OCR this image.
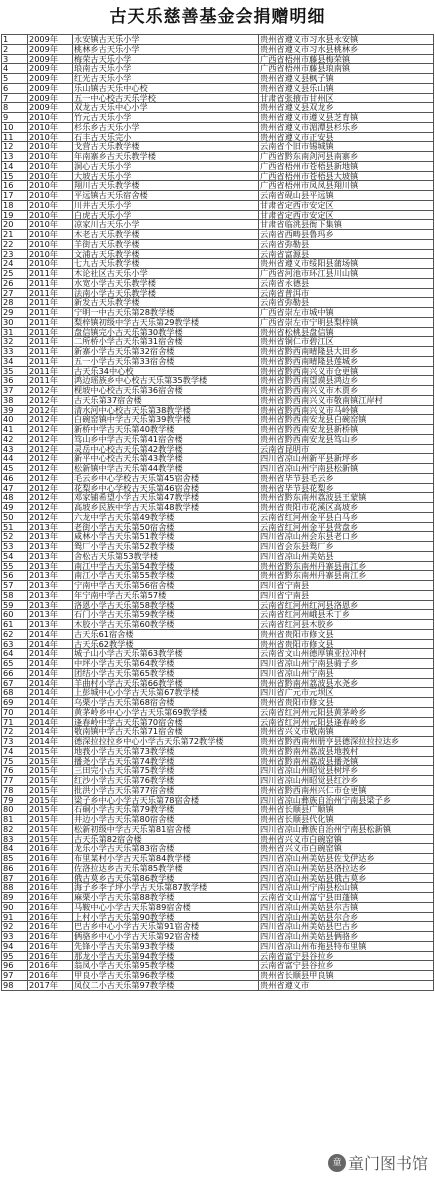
古天乐慈善基金会捐赠明细
1	2009年	永安镇古天乐小学	贵州省遵义市习水县永安镇
2	2009年	桃林乡古天乐小学	贵州省遵义市习水县桃林乡
3	2009年	梅荣古天乐小学	广西省梧州市藤县梅荣镇
4	2009年	琅南古天乐小学	广西省梧州市藤县琅南镇
5	2009年	红光古天乐小学	贵州省遵义县枫子镇
6	2009年	乐山镇古天乐中心校	贵州省遵义县乐山镇
7	2009年	五一中心校古天乐学校	甘肃省张掖市甘州区
8	2009年	双龙古天乐中心小学	贵州省遵义县双龙乡
9	2010年	竹元古天乐小学	贵州省遵义市遵义县芝育镇
10	2010年	杉乐乡古天乐小学	贵州省遵义市湄潭县杉乐乡
11	2010年	石丰古天乐完小	贵州省遵义市正安县
12	2010年	戈营古天乐教学楼	云南省个旧市锡城镇
13	2010年	年南寨乡古天乐教学楼	广西省黔东南剑河县南寨乡
14	2010年	洞心古天乐小学	广西省梧州市苍梧县新地镇
15	2010年	大坡古天乐小学	广西省梧州市苍梧县大坡镇
16	2010年	翔川古天乐教学楼	广西省梧州市凤凤县翔川镇
17	2010年	平远镇古天乐宿舍楼	云南省砚山县平远镇
18	2010年	川井古天乐小学	甘肃省定西市安定区
19	2010年	白虎古天乐小学	甘肃省定西市安定区
20	2010年	凉家川古天乐小学	甘肃省临洮县衙下集镇
21	2010年	木老古天乐教学楼	云南省西畴县鲁玛乡
22	2010年	羊街古天乐教学楼	云南省弥勒县
23	2010年	文浦古天乐教学楼	云南省富源县
24	2010年	七九古天乐教学楼	贵州省遵义市绥阳县蒲场镇
25	2011年	木论社区古天乐小学	广西省河池市环江县川山镇
26	2011年	水宽小学古天乐教学楼	云南省永德县
27	2011年	法南小学古天乐教学楼	云南省普洱市
28	2011年	新发古天乐教学楼	云南省弥勒县
29	2011年	宁明一中古天乐第28教学楼	广西省崇左市城中镇
30	2011年	梨梓镇初级中学古天乐第29教学楼	广西省崇左市宁明县梨梓镇
31	2011年	盘信镇完小古天乐第30教学楼	贵州省松桃县盘信镇
32	2011年	二所桥小学古天乐第31宿舍楼	贵州省铜仁市碧江区
33	2011年	新寨小学古天乐第32宿舍楼	贵州省黔西南晴隆县大田乡
34	2011年	五一小学古天乐第33宿舍楼	贵州省黔西南晴隆县莲城乡
35	2011年	古天乐34中心校	贵州省黔西南兴义市仓更镇
36	2011年	鸿边瑶族乡中心校古天乐第35教学楼	贵州省黔西南望谟县鸿边乡
37	2012年	枧坡中心校古天乐第36宿舍楼	贵州省黔西南兴义市木贾乡
38	2012年	古天乐第37宿舍楼	贵州省黔西南兴义市敬南镇江岸村
39	2012年	清水河中心校古天乐第38教学楼	贵州省黔西南兴义市马岭镇
40	2012年	白碗窑镇中学古天乐第39教学楼	贵州省黔西南安龙县白碗窑镇
41	2012年	新桥中学古天乐第40教学楼	贵州省黔西南安龙县新桥镇
42	2012年	笃山乡中学古天乐第41宿舍楼	贵州省黔西南安龙县笃山乡
43	2012年	灵岳中心校古天乐第42教学楼	云南省昆明市
44	2012年	新平中心校古天乐第43教学楼	四川省凉山州新平县新坪乡
45	2012年	松新镇中学古天乐第44教学楼	四川省凉山州宁南县松新镇
46	2012年	毛云乡中心学校古天乐第45宿舍楼	贵州省毕节县毛云乡
47	2012年	花梨乡中心学校古天乐第46宿舍楼	贵州省毕节县花梨乡
48	2012年	邓家铺希望小学古天乐第47教学楼	贵州省黔东南州荔波县王蒙镇
49	2012年	高坡乡民族中学古天乐第48教学楼	贵州省贵阳市花溪区高坡乡
50	2012年	六龙中学古天乐第49教学楼	云南省红河州金平县白马乡
51	2013年	老街小学古天乐第50宿舍楼	云南省红河州金平县营盘乡
52	2013年	咸林小学古天乐第51教学楼	四川省凉山州会东县老口乡
53	2013年	鸳厂小学古天乐第52教学楼	四川省会东县鸳厂乡
54	2013年	舍松古天乐第53教学楼	四川省凉山州美姑县
55	2013年	南江中学古天乐第54教学楼	贵州省黔东南州丹寨县南江乡
56	2013年	南江小学古天乐第55教学楼	贵州省黔东南州丹寨县南江乡
57	2013年	宁南中学古天乐第56宿舍楼	四川省宁南县
58	2013年	年宁南中学古天乐第57楼	四川省宁南县
59	2013年	洛恩小学古天乐第58教学楼	云南省红河州红河县洛恩乡
60	2013年	石门小学古天乐第59教学楼	云南省红河州峨县禾丁乡
61	2013年	木胶小学古天乐第60教学楼	云南省红河县木胶乡
62	2014年	古天乐61宿舍楼	贵州省贵阳市修文县
63	2014年	古天乐62教学楼	贵州省贵阳市修文县
64	2014年	城子山小学古天乐第63教学楼	云南省文山州德厚镇亚拉冲村
65	2014年	中坪小学古天乐第64教学楼	四川省凉山州宁南县骑子乡
66	2014年	团结小学古天乐第65教学楼	四川省凉山州宁南县
67	2014年	羊曲村小学古天乐第66教学楼	贵州省黔南州荔波县水尧乡
68	2014年	上彭城中心小学古天乐第67教学楼	四川省广元市元坝区
69	2014年	乌栗小学古天乐第68宿舍楼	贵州省贵阳市修文县
70	2014年	黄茅岭乡中心小学古天乐第69教学楼	云南省红河州元阳县黄茅岭乡
71	2014年	逢春岭中学古天乐第70宿舍楼	云南省红河州元阳县逢春岭乡
72	2014年	敬南镇中学古天乐第71宿舍楼	贵州省兴义市敬南镇
73	2014年	德深拉拉拉乡中心小学古天乐第72教学楼	贵州省黔西南州册亨县德深拉拉拉达乡
74	2015年	地莪小学古天乐第73教学楼	贵州省黔南州荔波县地莪村
75	2015年	播尧小学古天乐第74教学楼	贵州省黔南州荔波县播尧镇
76	2015年	三田完小古天乐第75教学楼	四川省凉山州昭觉县树坪乡
77	2015年	红沙小学古天乐第76教学楼	四川省凉山州昭觉县红沙乡
78	2015年	批洪小学古天乐第77宿舍楼	贵州省黔西南州兴仁市仓更镇
79	2015年	梁子乡中心小学古天乐第78宿舍楼	四川省凉山彝族自治州宁南县梁子乡
80	2015年	石硐小学古天乐第79教学楼	贵州省长顺县广顺镇
81	2015年	井边小学古天乐第80宿舍楼	贵州省长顺县代化镇
82	2015年	松新初级中学古天乐第81宿舍楼	四川省凉山彝族自治州宁南县松新镇
83	2015年	古天乐第82宿舍楼	贵州省兴义市白碗窑镇
84	2016年	龙乐小学古天乐第83宿舍楼	贵州省兴义市白碗窑镇
85	2016年	布里某村小学古天乐第84教学楼	四川省凉山州美姑县佐戈伊达乡
86	2016年	佐洛拉达乡古天乐第85教学楼	四川省凉山州美姑县洛拉达乡
87	2016年	俄古莫乡古天乐第86教学楼	四川省凉山州美姑县俄古莫乡
88	2016年	海子乡李子坪小学古天乐第87教学楼	四川省凉山州宁南县松山镇
89	2016年	麻栗小学古天乐第88教学楼	云南省文山州富宁县田蓬镇
90	2016年	马鞍中心小学古天乐第89宿舍楼	四川省凉山州美姑县尔吉镇
91	2016年	上村小学古天乐第90教学楼	四川省凉山州美姑县尔合乡
92	2016年	巴古乡中心小学古天乐第91宿舍楼	四川省凉山州美姑县巴古乡
93	2016年	俩骆乡中心小学古天乐第92宿舍楼	四川省凉山州美姑县俩骆乡
94	2016年	先锋小学古天乐第93教学楼	四川省凉山州布拖县特布里镇
95	2016年	那龙小学古天乐第94教学楼	云南省富宁县谷拉乡
96	2016年	翁凤小学古天乐第95教学楼	云南省富宁县谷拉乡
97	2016年	甲良小学古天乐第96教学楼	贵州省长顺县甲良镇
98	2017年	凤仪二小古天乐第97教学楼	贵州省遵义市
童 童门图书馆
